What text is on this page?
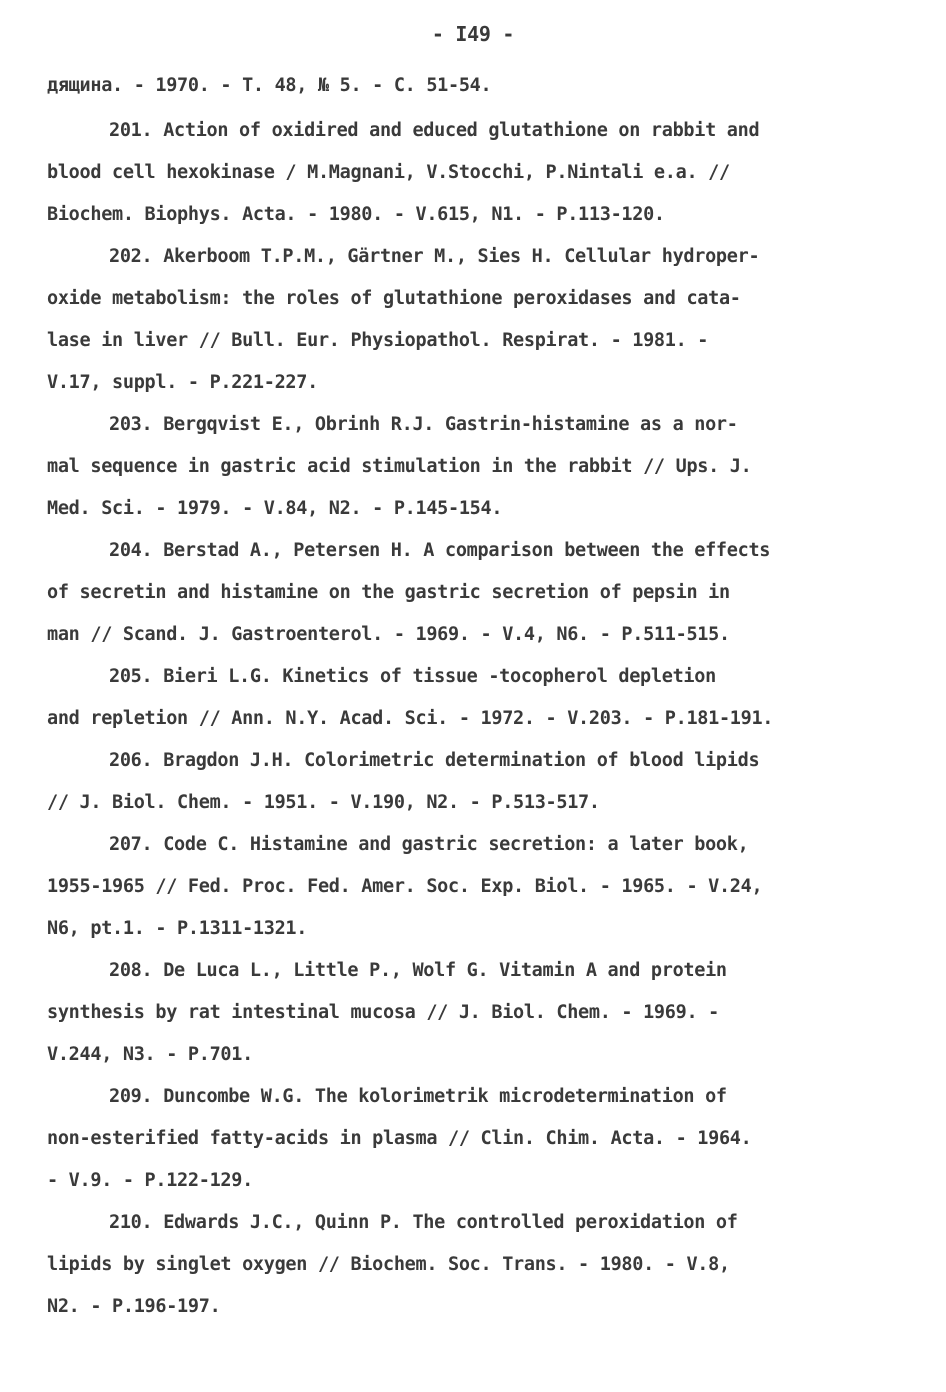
- I49 -
дящина. - 1970. - Т. 48, № 5. - С. 51-54.
201. Action of oxidired and educed glutathione on rabbit and
blood cell hexokinase / M.Magnani, V.Stocchi, P.Nintali e.a. //
Biochem. Biophys. Acta. - 1980. - V.615, N1. - P.113-120.
202. Akerboom T.P.M., Gärtner M., Sies H. Cellular hydroper-
oxide metabolism: the roles of glutathione peroxidases and cata-
lase in liver // Bull. Eur. Physiopathol. Respirat. - 1981. -
V.17, suppl. - P.221-227.
203. Bergqvist E., Obrinh R.J. Gastrin-histamine as a nor-
mal sequence in gastric acid stimulation in the rabbit // Ups. J.
Med. Sci. - 1979. - V.84, N2. - P.145-154.
204. Berstad A., Petersen H. A comparison between the effects
of secretin and histamine on the gastric secretion of pepsin in
man // Scand. J. Gastroenterol. - 1969. - V.4, N6. - P.511-515.
205. Bieri L.G. Kinetics of tissue -tocopherol depletion
and repletion // Ann. N.Y. Acad. Sci. - 1972. - V.203. - P.181-191.
206. Bragdon J.H. Colorimetric determination of blood lipids
// J. Biol. Chem. - 1951. - V.190, N2. - P.513-517.
207. Code C. Histamine and gastric secretion: a later book,
1955-1965 // Fed. Proc. Fed. Amer. Soc. Exp. Biol. - 1965. - V.24,
N6, pt.1. - P.1311-1321.
208. De Luca L., Little P., Wolf G. Vitamin A and protein
synthesis by rat intestinal mucosa // J. Biol. Chem. - 1969. -
V.244, N3. - P.701.
209. Duncombe W.G. The kolorimetrik microdetermination of
non-esterified fatty-acids in plasma // Clin. Chim. Acta. - 1964.
- V.9. - P.122-129.
210. Edwards J.C., Quinn P. The controlled peroxidation of
lipids by singlet oxygen // Biochem. Soc. Trans. - 1980. - V.8,
N2. - P.196-197.
